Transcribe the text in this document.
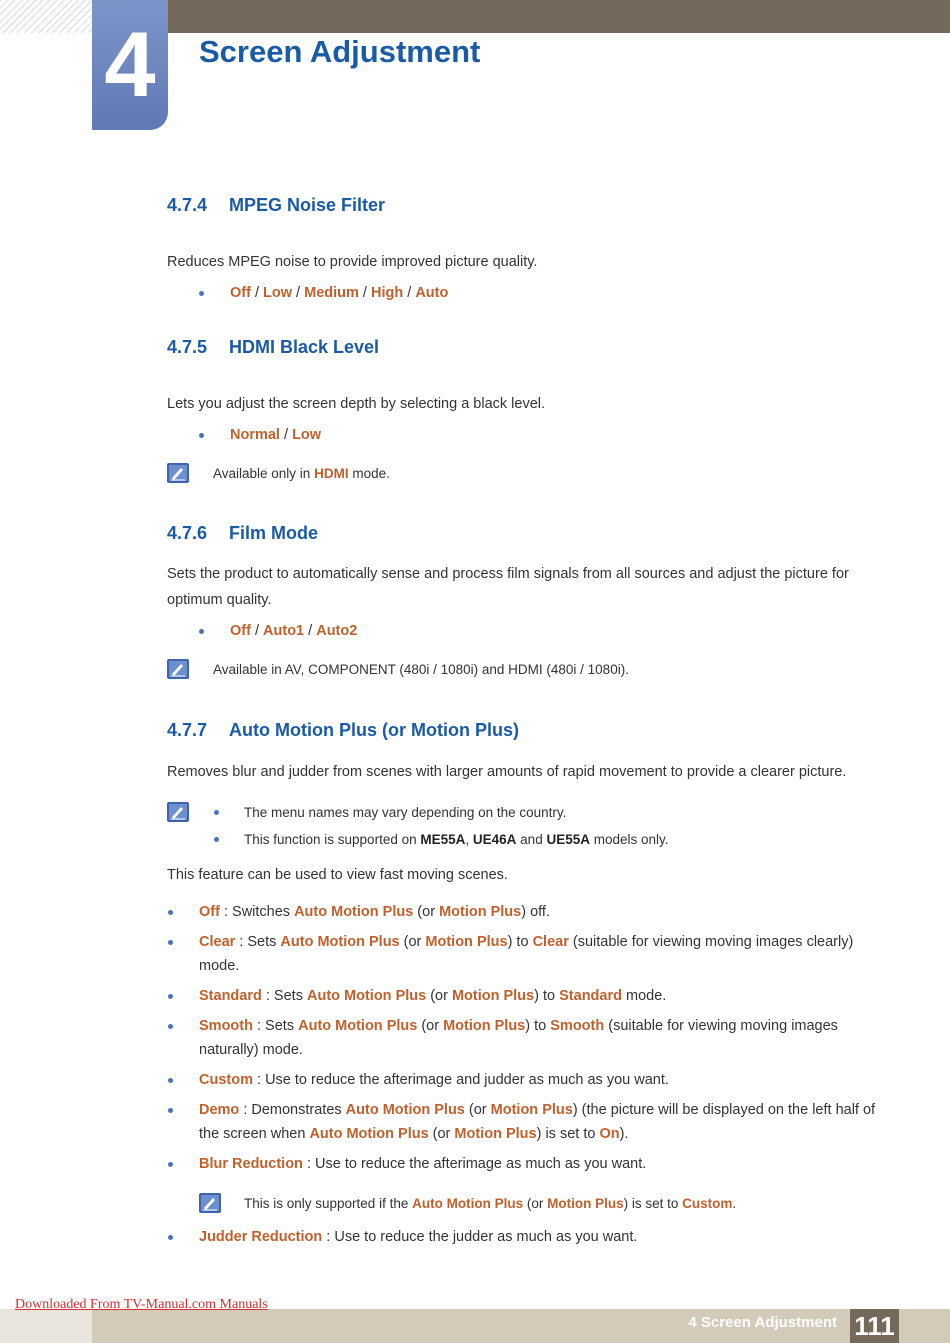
4	Screen Adjustment
4.7.4 MPEG Noise Filter
Reduces MPEG noise to provide improved picture quality.
Off / Low / Medium / High / Auto
4.7.5 HDMI Black Level
Lets you adjust the screen depth by selecting a black level.
Normal / Low
Available only in HDMI mode.
4.7.6 Film Mode
Sets the product to automatically sense and process film signals from all sources and adjust the picture for optimum quality.
Off / Auto1 / Auto2
Available in AV, COMPONENT (480i / 1080i) and HDMI (480i / 1080i).
4.7.7 Auto Motion Plus (or Motion Plus)
Removes blur and judder from scenes with larger amounts of rapid movement to provide a clearer picture.
The menu names may vary depending on the country.
This function is supported on ME55A, UE46A and UE55A models only.
This feature can be used to view fast moving scenes.
Off : Switches Auto Motion Plus (or Motion Plus) off.
Clear : Sets Auto Motion Plus (or Motion Plus) to Clear (suitable for viewing moving images clearly) mode.
Standard : Sets Auto Motion Plus (or Motion Plus) to Standard mode.
Smooth : Sets Auto Motion Plus (or Motion Plus) to Smooth (suitable for viewing moving images naturally) mode.
Custom : Use to reduce the afterimage and judder as much as you want.
Demo : Demonstrates Auto Motion Plus (or Motion Plus) (the picture will be displayed on the left half of the screen when Auto Motion Plus (or Motion Plus) is set to On).
Blur Reduction : Use to reduce the afterimage as much as you want.
This is only supported if the Auto Motion Plus (or Motion Plus) is set to Custom.
Judder Reduction : Use to reduce the judder as much as you want.
Downloaded From TV-Manual.com Manuals
4 Screen Adjustment 111
